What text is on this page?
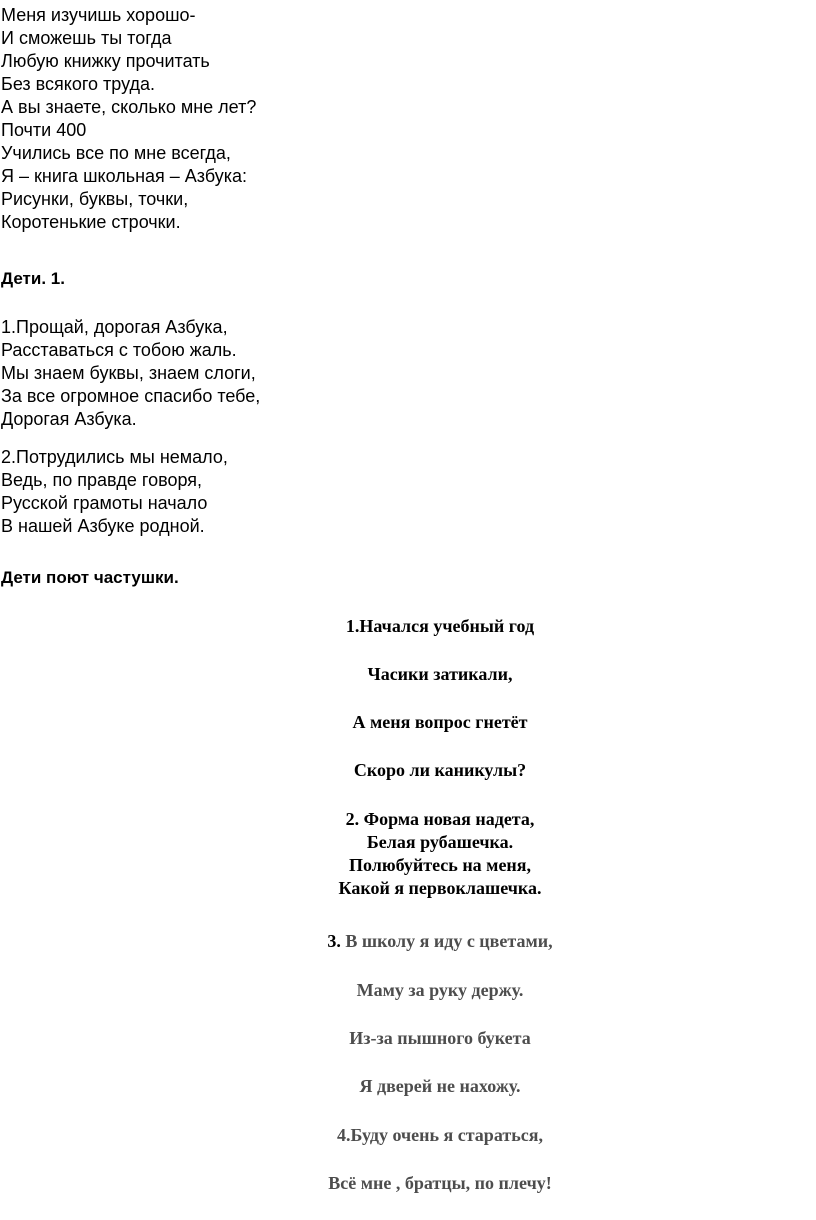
Меня изучишь хорошо-
И сможешь ты тогда
Любую книжку прочитать
Без всякого труда.
А вы знаете, сколько мне лет?
Почти 400
Учились все по мне всегда,
Я – книга школьная – Азбука:
Рисунки, буквы, точки,
Коротенькие строчки.
Дети. 1.
1.Прощай, дорогая Азбука,
Расставаться с тобою жаль.
Мы знаем буквы, знаем слоги,
За все огромное спасибо тебе,
Дорогая Азбука.
2.Потрудились мы немало,
Ведь, по правде говоря,
Русской грамоты начало
В нашей Азбуке родной.
Дети поют частушки.
1.Начался учебный год
Часики затикали,
А меня вопрос гнетёт
Скоро ли каникулы?
2. Форма новая надета,
Белая рубашечка.
Полюбуйтесь на меня,
Какой я первоклашечка.
3. В школу я иду с цветами,
Маму за руку держу.
Из-за пышного букета
Я дверей не нахожу.
4.Буду очень я стараться,
Всё мне , братцы, по плечу!
